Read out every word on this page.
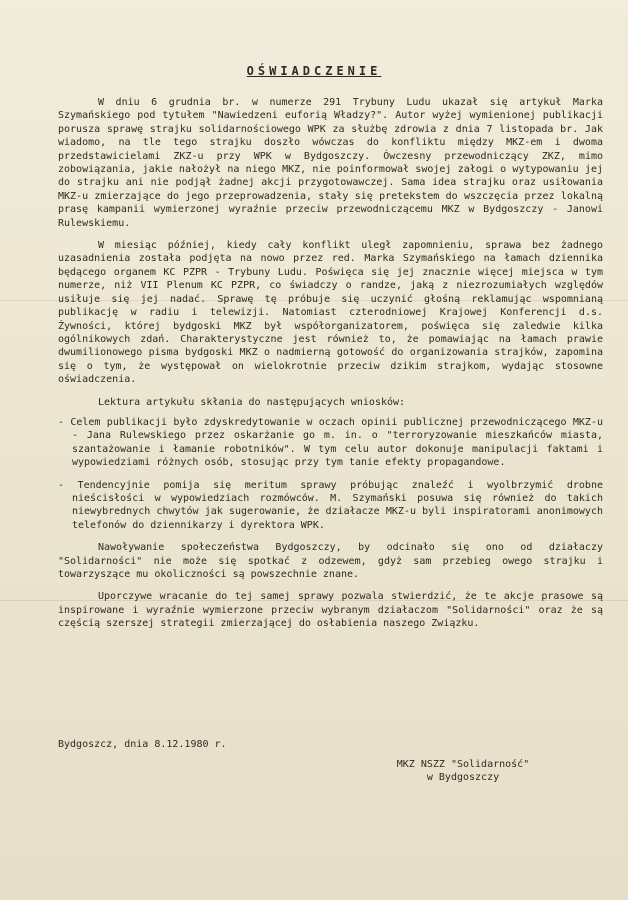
OŚWIADCZENIE

W dniu 6 grudnia br. w numerze 291 Trybuny Ludu ukazał się artykuł Marka Szymańskiego pod tytułem "Nawiedzeni euforią Władzy?". Autor wyżej wymienionej publikacji porusza sprawę strajku solidarnościowego WPK za służbę zdrowia z dnia 7 listopada br. Jak wiadomo, na tle tego strajku doszło wówczas do konfliktu między MKZ-em i dwoma przedstawicielami ZKZ-u przy WPK w Bydgoszczy. Ówczesny przewodniczący ZKZ, mimo zobowiązania, jakie nałożył na niego MKZ, nie poinformował swojej załogi o wytypowaniu jej do strajku ani nie podjął żadnej akcji przygotowawczej. Sama idea strajku oraz usiłowania MKZ-u zmierzające do jego przeprowadzenia, stały się pretekstem do wszczęcia przez lokalną prasę kampanii wymierzonej wyraźnie przeciw przewodniczącemu MKZ w Bydgoszczy - Janowi Rulewskiemu.

W miesiąc później, kiedy cały konflikt uległ zapomnieniu, sprawa bez żadnego uzasadnienia została podjęta na nowo przez red. Marka Szymańskiego na łamach dziennika będącego organem KC PZPR - Trybuny Ludu. Poświęca się jej znacznie więcej miejsca w tym numerze, niż VII Plenum KC PZPR, co świadczy o randze, jaką z niezrozumiałych względów usiłuje się jej nadać. Sprawę tę próbuje się uczynić głośną reklamując wspomnianą publikację w radiu i telewizji. Natomiast czterodniowej Krajowej Konferencji d.s. Żywności, której bydgoski MKZ był współorganizatorem, poświęca się zaledwie kilka ogólnikowych zdań. Charakterystyczne jest również to, że pomawiając na łamach prawie dwumilionowego pisma bydgoski MKZ o nadmierną gotowość do organizowania strajków, zapomina się o tym, że występował on wielokrotnie przeciw dzikim strajkom, wydając stosowne oświadczenia.

Lektura artykułu skłania do następujących wniosków:

- Celem publikacji było zdyskredytowanie w oczach opinii publicznej przewodniczącego MKZ-u - Jana Rulewskiego przez oskarżanie go m. in. o "terroryzowanie mieszkańców miasta, szantażowanie i łamanie robotników". W tym celu autor dokonuje manipulacji faktami i wypowiedziami różnych osób, stosując przy tym tanie efekty propagandowe.
- Tendencyjnie pomija się meritum sprawy próbując znaleźć i wyolbrzymić drobne nieścisłości w wypowiedziach rozmówców. M. Szymański posuwa się również do takich niewybrednych chwytów jak sugerowanie, że działacze MKZ-u byli inspiratorami anonimowych telefonów do dziennikarzy i dyrektora WPK.

Nawoływanie społeczeństwa Bydgoszczy, by odcinało się ono od działaczy "Solidarności" nie może się spotkać z odzewem, gdyż sam przebieg owego strajku i towarzyszące mu okoliczności są powszechnie znane.

Uporczywe wracanie do tej samej sprawy pozwala stwierdzić, że te akcje prasowe są inspirowane i wyraźnie wymierzone przeciw wybranym działaczom "Solidarności" oraz że są częścią szerszej strategii zmierzającej do osłabienia naszego Związku.

Bydgoszcz, dnia 8.12.1980 r.
MKZ NSZZ "Solidarność"
w Bydgoszczy
